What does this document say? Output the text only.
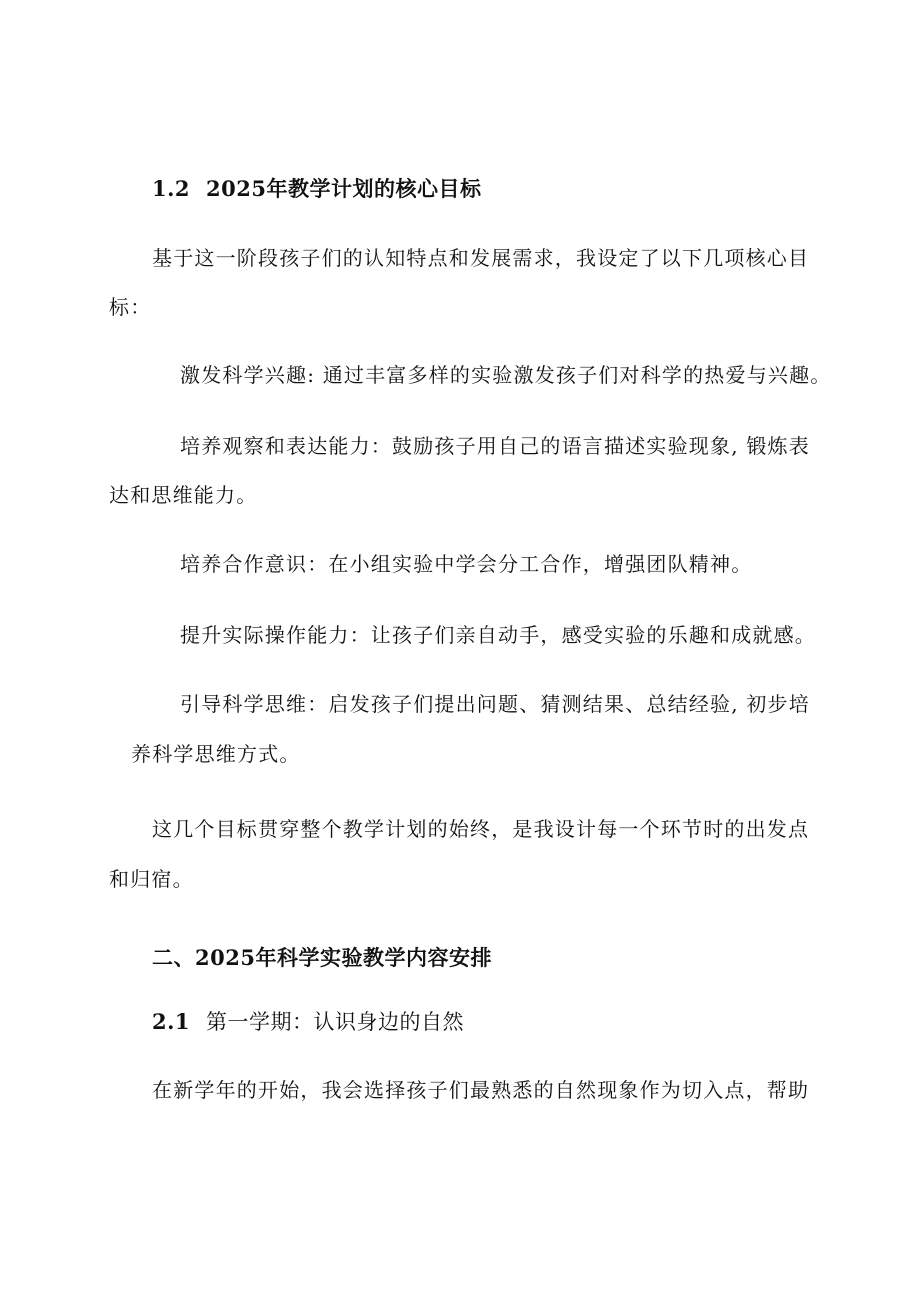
1.2 2025年教学计划的核心目标
基于这一阶段孩子们的认知特点和发展需求，我设定了以下几项核心目
标：
激发科学兴趣: 通过丰富多样的实验激发孩子们对科学的热爱与兴趣。
培养观察和表达能力：鼓励孩子用自己的语言描述实验现象, 锻炼表
达和思维能力。
培养合作意识：在小组实验中学会分工合作，增强团队精神。
提升实际操作能力：让孩子们亲自动手，感受实验的乐趣和成就感。
引导科学思维：启发孩子们提出问题、猜测结果、总结经验, 初步培
养科学思维方式。
这几个目标贯穿整个教学计划的始终，是我设计每一个环节时的出发点
和归宿。
二、2025年科学实验教学内容安排
2.1 第一学期：认识身边的自然
在新学年的开始，我会选择孩子们最熟悉的自然现象作为切入点，帮助
